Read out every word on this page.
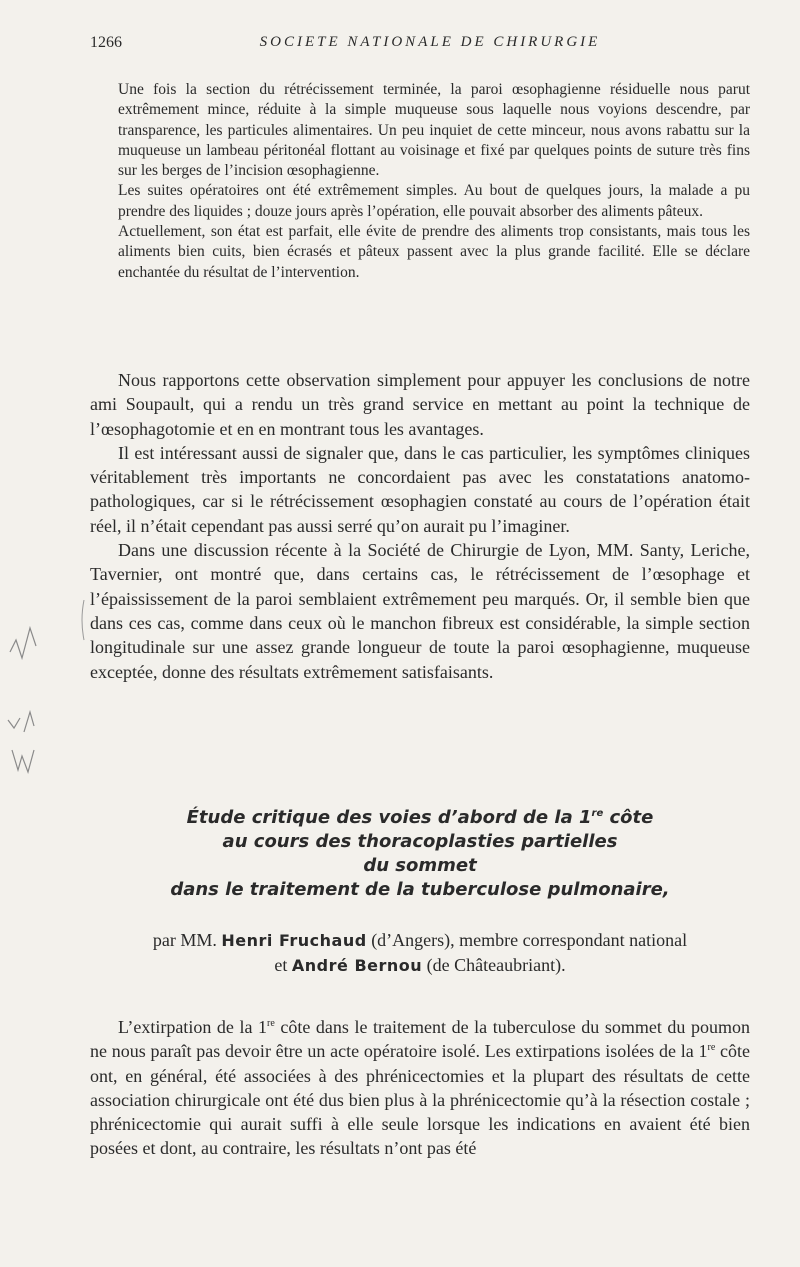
1266	SOCIETE NATIONALE DE CHIRURGIE

Une fois la section du rétrécissement terminée, la paroi œsophagienne résiduelle nous parut extrêmement mince, réduite à la simple muqueuse sous laquelle nous voyions descendre, par transparence, les particules alimentaires. Un peu inquiet de cette minceur, nous avons rabattu sur la muqueuse un lambeau péritonéal flottant au voisinage et fixé par quelques points de suture très fins sur les berges de l’incision œsophagienne.

Les suites opératoires ont été extrêmement simples. Au bout de quelques jours, la malade a pu prendre des liquides ; douze jours après l’opération, elle pouvait absorber des aliments pâteux.

Actuellement, son état est parfait, elle évite de prendre des aliments trop consistants, mais tous les aliments bien cuits, bien écrasés et pâteux passent avec la plus grande facilité. Elle se déclare enchantée du résultat de l’intervention.

Nous rapportons cette observation simplement pour appuyer les conclusions de notre ami Soupault, qui a rendu un très grand service en mettant au point la technique de l’œsophagotomie et en en montrant tous les avantages.

Il est intéressant aussi de signaler que, dans le cas particulier, les symptômes cliniques véritablement très importants ne concordaient pas avec les constatations anatomo-pathologiques, car si le rétrécissement œsophagien constaté au cours de l’opération était réel, il n’était cependant pas aussi serré qu’on aurait pu l’imaginer.

Dans une discussion récente à la Société de Chirurgie de Lyon, MM. Santy, Leriche, Tavernier, ont montré que, dans certains cas, le rétrécissement de l’œsophage et l’épaississement de la paroi semblaient extrêmement peu marqués. Or, il semble bien que dans ces cas, comme dans ceux où le manchon fibreux est considérable, la simple section longitudinale sur une assez grande longueur de toute la paroi œsophagienne, muqueuse exceptée, donne des résultats extrêmement satisfaisants.

Étude critique des voies d’abord de la 1re côte
au cours des thoracoplasties partielles
du sommet
dans le traitement de la tuberculose pulmonaire,
par MM. Henri Fruchaud (d’Angers), membre correspondant national
et André Bernou (de Châteaubriant).

L’extirpation de la 1re côte dans le traitement de la tuberculose du sommet du poumon ne nous paraît pas devoir être un acte opératoire isolé. Les extirpations isolées de la 1re côte ont, en général, été associées à des phrénicectomies et la plupart des résultats de cette association chirurgicale ont été dus bien plus à la phrénicectomie qu’à la résection costale ; phrénicectomie qui aurait suffi à elle seule lorsque les indications en avaient été bien posées et dont, au contraire, les résultats n’ont pas été
